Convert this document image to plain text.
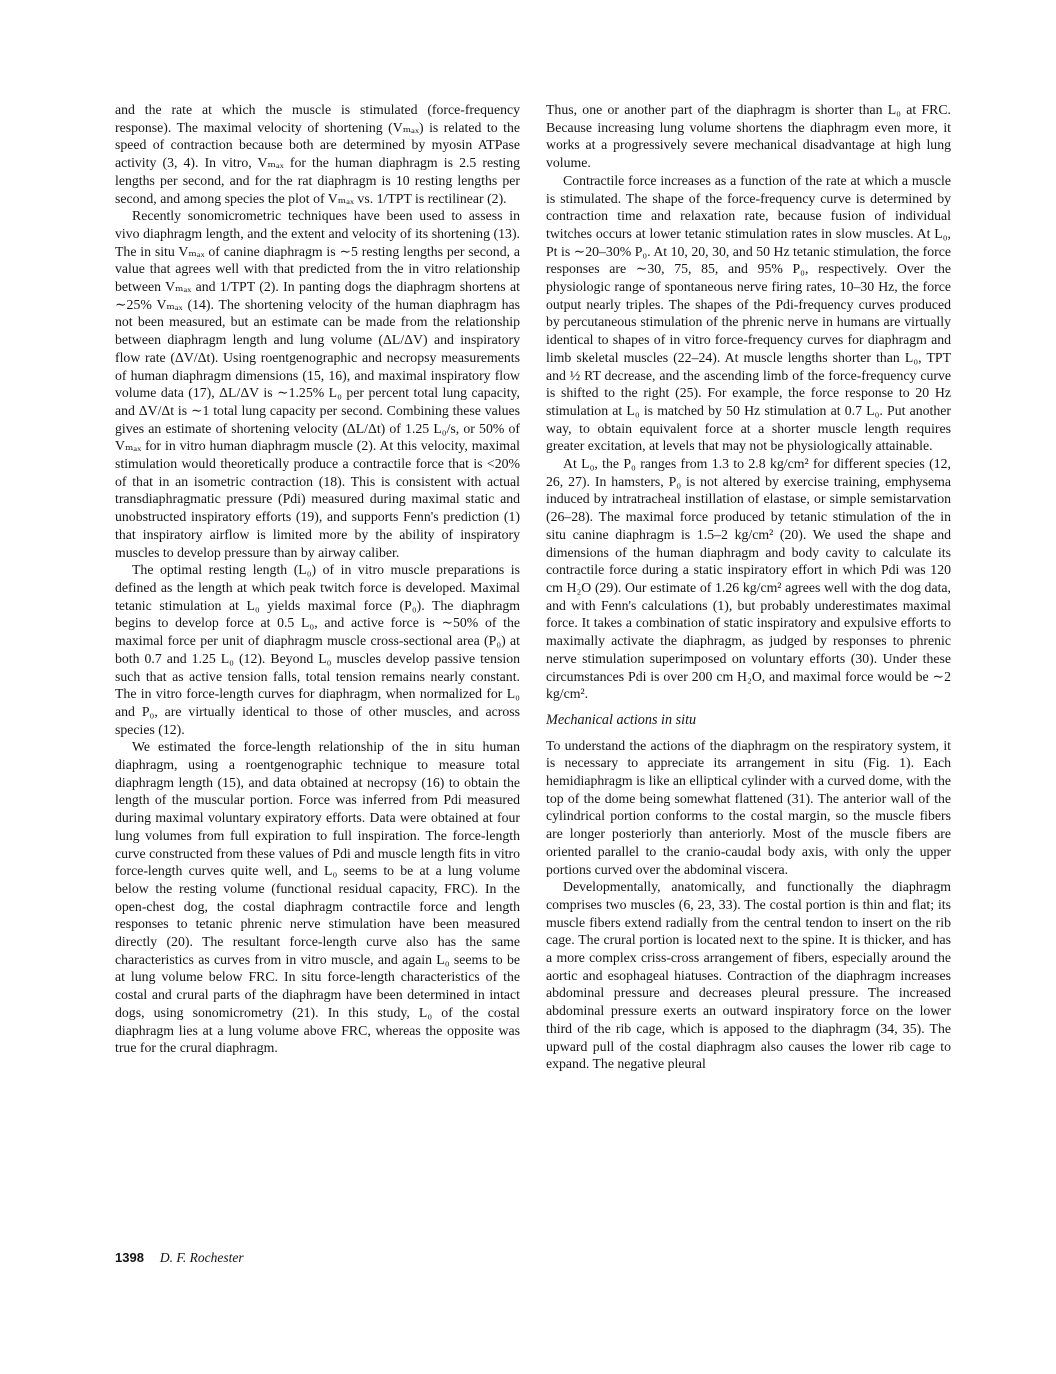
and the rate at which the muscle is stimulated (force-frequency response). The maximal velocity of shortening (Vₘₐₓ) is related to the speed of contraction because both are determined by myosin ATPase activity (3, 4). In vitro, Vₘₐₓ for the human diaphragm is 2.5 resting lengths per second, and for the rat diaphragm is 10 resting lengths per second, and among species the plot of Vₘₐₓ vs. 1/TPT is rectilinear (2).

Recently sonomicrometric techniques have been used to assess in vivo diaphragm length, and the extent and velocity of its shortening (13). The in situ Vₘₐₓ of canine diaphragm is ∼5 resting lengths per second, a value that agrees well with that predicted from the in vitro relationship between Vₘₐₓ and 1/TPT (2). In panting dogs the diaphragm shortens at ∼25% Vₘₐₓ (14). The shortening velocity of the human diaphragm has not been measured, but an estimate can be made from the relationship between diaphragm length and lung volume (ΔL/ΔV) and inspiratory flow rate (ΔV/Δt). Using roentgenographic and necropsy measurements of human diaphragm dimensions (15, 16), and maximal inspiratory flow volume data (17), ΔL/ΔV is ∼1.25% L₀ per percent total lung capacity, and ΔV/Δt is ∼1 total lung capacity per second. Combining these values gives an estimate of shortening velocity (ΔL/Δt) of 1.25 L₀/s, or 50% of Vₘₐₓ for in vitro human diaphragm muscle (2). At this velocity, maximal stimulation would theoretically produce a contractile force that is <20% of that in an isometric contraction (18). This is consistent with actual transdiaphragmatic pressure (Pdi) measured during maximal static and unobstructed inspiratory efforts (19), and supports Fenn's prediction (1) that inspiratory airflow is limited more by the ability of inspiratory muscles to develop pressure than by airway caliber.

The optimal resting length (L₀) of in vitro muscle preparations is defined as the length at which peak twitch force is developed. Maximal tetanic stimulation at L₀ yields maximal force (P₀). The diaphragm begins to develop force at 0.5 L₀, and active force is ∼50% of the maximal force per unit of diaphragm muscle cross-sectional area (P₀) at both 0.7 and 1.25 L₀ (12). Beyond L₀ muscles develop passive tension such that as active tension falls, total tension remains nearly constant. The in vitro force-length curves for diaphragm, when normalized for L₀ and P₀, are virtually identical to those of other muscles, and across species (12).

We estimated the force-length relationship of the in situ human diaphragm, using a roentgenographic technique to measure total diaphragm length (15), and data obtained at necropsy (16) to obtain the length of the muscular portion. Force was inferred from Pdi measured during maximal voluntary expiratory efforts. Data were obtained at four lung volumes from full expiration to full inspiration. The force-length curve constructed from these values of Pdi and muscle length fits in vitro force-length curves quite well, and L₀ seems to be at a lung volume below the resting volume (functional residual capacity, FRC). In the open-chest dog, the costal diaphragm contractile force and length responses to tetanic phrenic nerve stimulation have been measured directly (20). The resultant force-length curve also has the same characteristics as curves from in vitro muscle, and again L₀ seems to be at lung volume below FRC. In situ force-length characteristics of the costal and crural parts of the diaphragm have been determined in intact dogs, using sonomicrometry (21). In this study, L₀ of the costal diaphragm lies at a lung volume above FRC, whereas the opposite was true for the crural diaphragm.

Thus, one or another part of the diaphragm is shorter than L₀ at FRC. Because increasing lung volume shortens the diaphragm even more, it works at a progressively severe mechanical disadvantage at high lung volume.

Contractile force increases as a function of the rate at which a muscle is stimulated. The shape of the force-frequency curve is determined by contraction time and relaxation rate, because fusion of individual twitches occurs at lower tetanic stimulation rates in slow muscles. At L₀, Pt is ∼20–30% P₀. At 10, 20, 30, and 50 Hz tetanic stimulation, the force responses are ∼30, 75, 85, and 95% P₀, respectively. Over the physiologic range of spontaneous nerve firing rates, 10–30 Hz, the force output nearly triples. The shapes of the Pdi-frequency curves produced by percutaneous stimulation of the phrenic nerve in humans are virtually identical to shapes of in vitro force-frequency curves for diaphragm and limb skeletal muscles (22–24). At muscle lengths shorter than L₀, TPT and ½ RT decrease, and the ascending limb of the force-frequency curve is shifted to the right (25). For example, the force response to 20 Hz stimulation at L₀ is matched by 50 Hz stimulation at 0.7 L₀. Put another way, to obtain equivalent force at a shorter muscle length requires greater excitation, at levels that may not be physiologically attainable.

At L₀, the P₀ ranges from 1.3 to 2.8 kg/cm² for different species (12, 26, 27). In hamsters, P₀ is not altered by exercise training, emphysema induced by intratracheal instillation of elastase, or simple semistarvation (26–28). The maximal force produced by tetanic stimulation of the in situ canine diaphragm is 1.5–2 kg/cm² (20). We used the shape and dimensions of the human diaphragm and body cavity to calculate its contractile force during a static inspiratory effort in which Pdi was 120 cm H₂O (29). Our estimate of 1.26 kg/cm² agrees well with the dog data, and with Fenn's calculations (1), but probably underestimates maximal force. It takes a combination of static inspiratory and expulsive efforts to maximally activate the diaphragm, as judged by responses to phrenic nerve stimulation superimposed on voluntary efforts (30). Under these circumstances Pdi is over 200 cm H₂O, and maximal force would be ∼2 kg/cm².

Mechanical actions in situ

To understand the actions of the diaphragm on the respiratory system, it is necessary to appreciate its arrangement in situ (Fig. 1). Each hemidiaphragm is like an elliptical cylinder with a curved dome, with the top of the dome being somewhat flattened (31). The anterior wall of the cylindrical portion conforms to the costal margin, so the muscle fibers are longer posteriorly than anteriorly. Most of the muscle fibers are oriented parallel to the cranio-caudal body axis, with only the upper portions curved over the abdominal viscera.

Developmentally, anatomically, and functionally the diaphragm comprises two muscles (6, 23, 33). The costal portion is thin and flat; its muscle fibers extend radially from the central tendon to insert on the rib cage. The crural portion is located next to the spine. It is thicker, and has a more complex criss-cross arrangement of fibers, especially around the aortic and esophageal hiatuses. Contraction of the diaphragm increases abdominal pressure and decreases pleural pressure. The increased abdominal pressure exerts an outward inspiratory force on the lower third of the rib cage, which is apposed to the diaphragm (34, 35). The upward pull of the costal diaphragm also causes the lower rib cage to expand. The negative pleural

1398 D. F. Rochester
